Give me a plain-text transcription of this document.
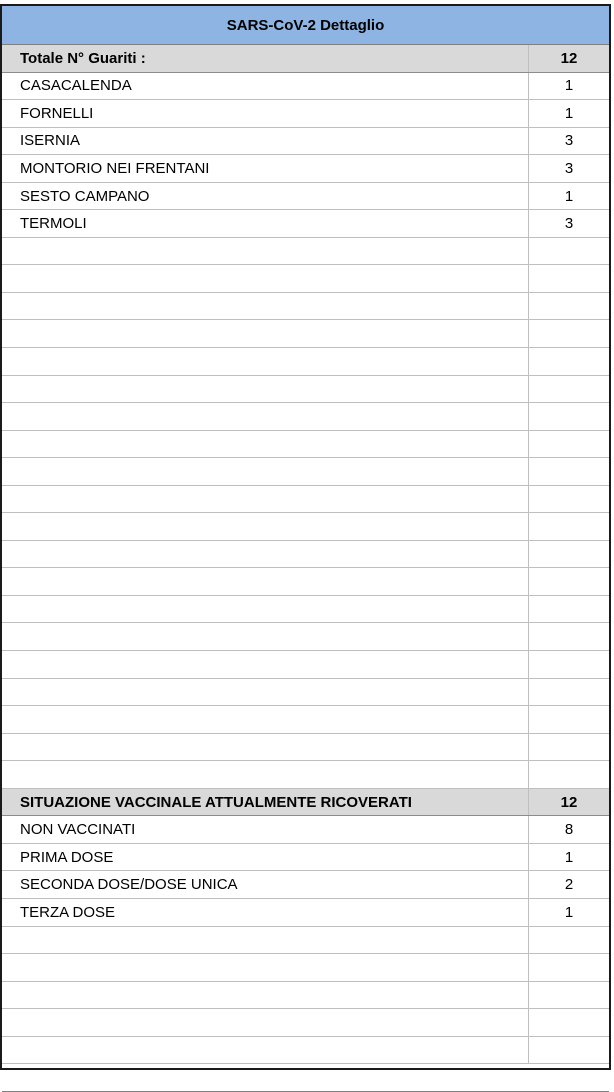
SARS-CoV-2 Dettaglio
Totale N° Guariti :	12
CASACALENDA	1
FORNELLI	1
ISERNIA	3
MONTORIO NEI FRENTANI	3
SESTO CAMPANO	1
TERMOLI	3
SITUAZIONE VACCINALE ATTUALMENTE RICOVERATI	12
NON VACCINATI	8
PRIMA DOSE	1
SECONDA DOSE/DOSE UNICA	2
TERZA DOSE	1
